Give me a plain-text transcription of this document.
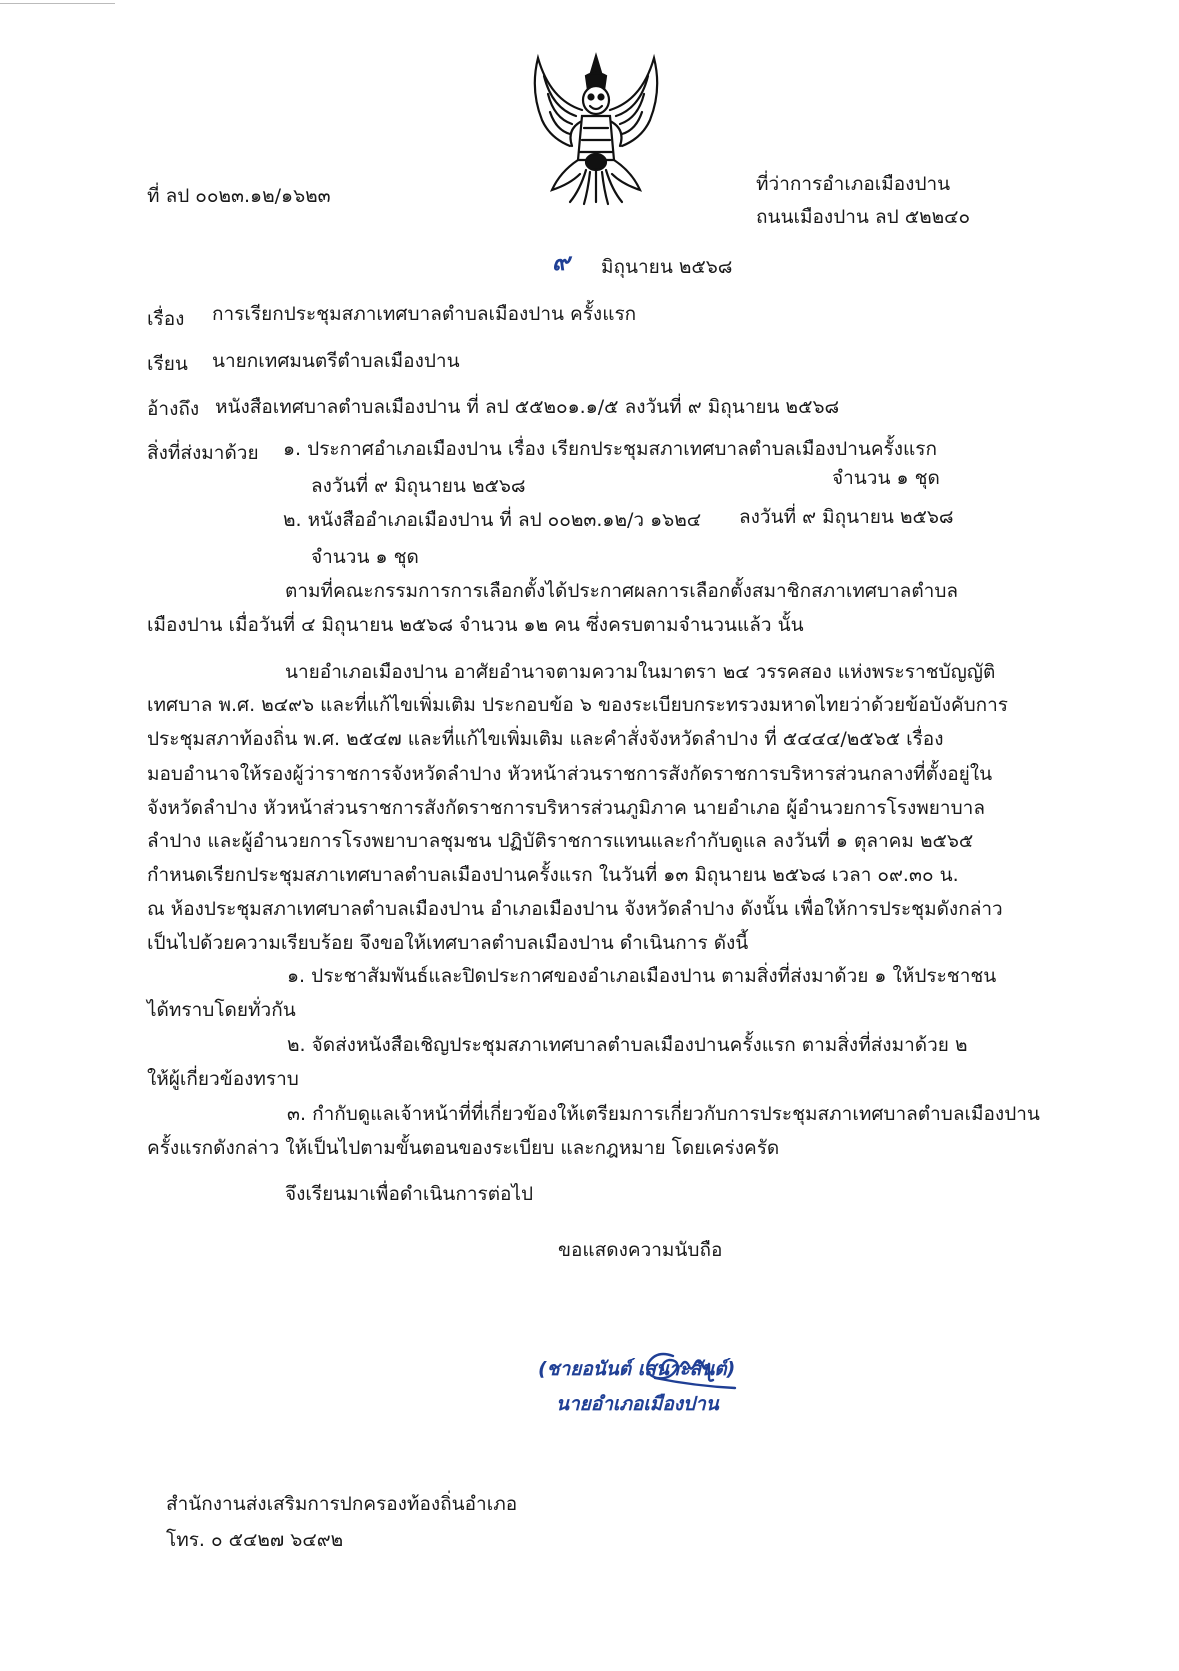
ที่ ลป ๐๐๒๓.๑๒/๑๖๒๓
ที่ว่าการอำเภอเมืองปาน
ถนนเมืองปาน ลป ๕๒๒๔๐
๙ มิถุนายน ๒๕๖๘
เรื่อง การเรียกประชุมสภาเทศบาลตำบลเมืองปาน ครั้งแรก
เรียน นายกเทศมนตรีตำบลเมืองปาน
อ้างถึง หนังสือเทศบาลตำบลเมืองปาน ที่ ลป ๕๕๒๐๑.๑/๕ ลงวันที่ ๙ มิถุนายน ๒๕๖๘
สิ่งที่ส่งมาด้วย ๑. ประกาศอำเภอเมืองปาน เรื่อง เรียกประชุมสภาเทศบาลตำบลเมืองปานครั้งแรก
ลงวันที่ ๙ มิถุนายน ๒๕๖๘	จำนวน ๑ ชุด
๒. หนังสืออำเภอเมืองปาน ที่ ลป ๐๐๒๓.๑๒/ว ๑๖๒๔ ลงวันที่ ๙ มิถุนายน ๒๕๖๘
จำนวน ๑ ชุด
ตามที่คณะกรรมการการเลือกตั้งได้ประกาศผลการเลือกตั้งสมาชิกสภาเทศบาลตำบล
เมืองปาน เมื่อวันที่ ๔ มิถุนายน ๒๕๖๘ จำนวน ๑๒ คน ซึ่งครบตามจำนวนแล้ว นั้น
นายอำเภอเมืองปาน อาศัยอำนาจตามความในมาตรา ๒๔ วรรคสอง แห่งพระราชบัญญัติ
เทศบาล พ.ศ. ๒๔๙๖ และที่แก้ไขเพิ่มเติม ประกอบข้อ ๖ ของระเบียบกระทรวงมหาดไทยว่าด้วยข้อบังคับการ
ประชุมสภาท้องถิ่น พ.ศ. ๒๕๔๗ และที่แก้ไขเพิ่มเติม และคำสั่งจังหวัดลำปาง ที่ ๕๔๔๔/๒๕๖๕ เรื่อง
มอบอำนาจให้รองผู้ว่าราชการจังหวัดลำปาง หัวหน้าส่วนราชการสังกัดราชการบริหารส่วนกลางที่ตั้งอยู่ใน
จังหวัดลำปาง หัวหน้าส่วนราชการสังกัดราชการบริหารส่วนภูมิภาค นายอำเภอ ผู้อำนวยการโรงพยาบาล
ลำปาง และผู้อำนวยการโรงพยาบาลชุมชน ปฏิบัติราชการแทนและกำกับดูแล ลงวันที่ ๑ ตุลาคม ๒๕๖๕
กำหนดเรียกประชุมสภาเทศบาลตำบลเมืองปานครั้งแรก ในวันที่ ๑๓ มิถุนายน ๒๕๖๘ เวลา ๐๙.๓๐ น.
ณ ห้องประชุมสภาเทศบาลตำบลเมืองปาน อำเภอเมืองปาน จังหวัดลำปาง ดังนั้น เพื่อให้การประชุมดังกล่าว
เป็นไปด้วยความเรียบร้อย จึงขอให้เทศบาลตำบลเมืองปาน ดำเนินการ ดังนี้
๑. ประชาสัมพันธ์และปิดประกาศของอำเภอเมืองปาน ตามสิ่งที่ส่งมาด้วย ๑ ให้ประชาชน
ได้ทราบโดยทั่วกัน
๒. จัดส่งหนังสือเชิญประชุมสภาเทศบาลตำบลเมืองปานครั้งแรก ตามสิ่งที่ส่งมาด้วย ๒
ให้ผู้เกี่ยวข้องทราบ
๓. กำกับดูแลเจ้าหน้าที่ที่เกี่ยวข้องให้เตรียมการเกี่ยวกับการประชุมสภาเทศบาลตำบลเมืองปาน
ครั้งแรกดังกล่าว ให้เป็นไปตามขั้นตอนของระเบียบ และกฎหมาย โดยเคร่งครัด
จึงเรียนมาเพื่อดำเนินการต่อไป
ขอแสดงความนับถือ
(ชายอนันต์ เสนาะสันต์)
นายอำเภอเมืองปาน
สำนักงานส่งเสริมการปกครองท้องถิ่นอำเภอ
โทร. ๐ ๕๔๒๗ ๖๔๙๒
